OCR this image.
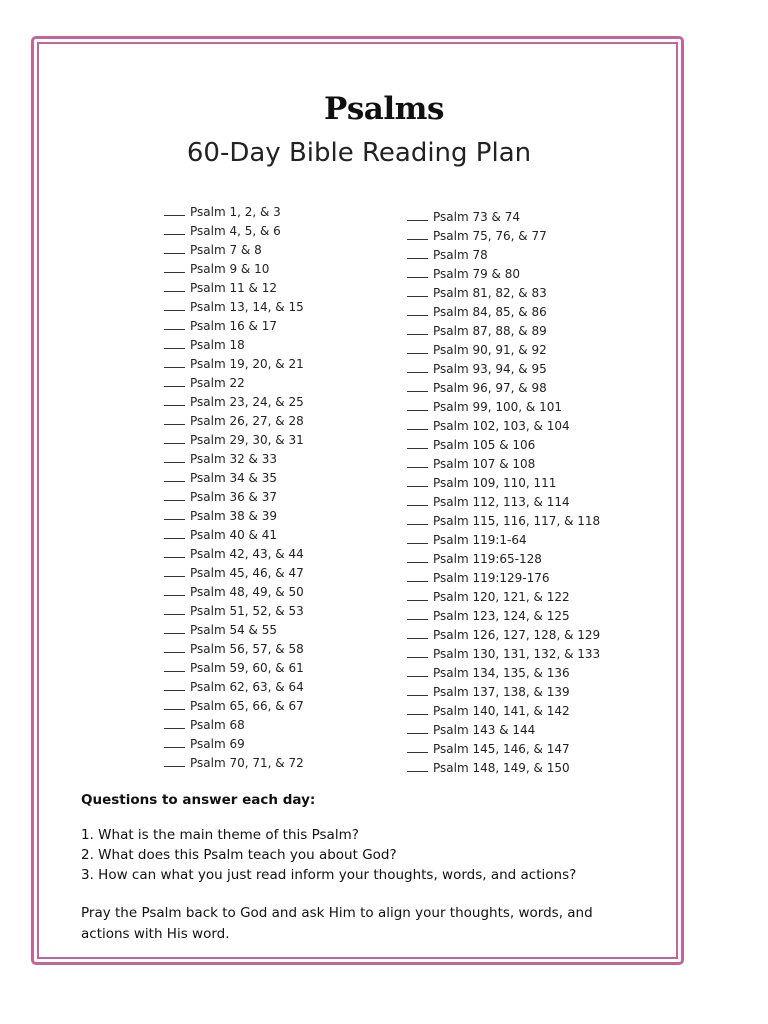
Psalms
60-Day Bible Reading Plan
Psalm 1, 2, & 3
Psalm 4, 5, & 6
Psalm 7 & 8
Psalm 9 & 10
Psalm 11 & 12
Psalm 13, 14, & 15
Psalm 16 & 17
Psalm 18
Psalm 19, 20, & 21
Psalm 22
Psalm 23, 24, & 25
Psalm 26, 27, & 28
Psalm 29, 30, & 31
Psalm 32 & 33
Psalm 34 & 35
Psalm 36 & 37
Psalm 38 & 39
Psalm 40 & 41
Psalm 42, 43, & 44
Psalm 45, 46, & 47
Psalm 48, 49, & 50
Psalm 51, 52, & 53
Psalm 54 & 55
Psalm 56, 57, & 58
Psalm 59, 60, & 61
Psalm 62, 63, & 64
Psalm 65, 66, & 67
Psalm 68
Psalm 69
Psalm 70, 71, & 72
Psalm 73 & 74
Psalm 75, 76, & 77
Psalm 78
Psalm 79 & 80
Psalm 81, 82, & 83
Psalm 84, 85, & 86
Psalm 87, 88, & 89
Psalm 90, 91, & 92
Psalm 93, 94, & 95
Psalm 96, 97, & 98
Psalm 99, 100, & 101
Psalm 102, 103, & 104
Psalm 105 & 106
Psalm 107 & 108
Psalm 109, 110, 111
Psalm 112, 113, & 114
Psalm 115, 116, 117, & 118
Psalm 119:1-64
Psalm 119:65-128
Psalm 119:129-176
Psalm 120, 121, & 122
Psalm 123, 124, & 125
Psalm 126, 127, 128, & 129
Psalm 130, 131, 132, & 133
Psalm 134, 135, & 136
Psalm 137, 138, & 139
Psalm 140, 141, & 142
Psalm 143 & 144
Psalm 145, 146, & 147
Psalm 148, 149, & 150

Questions to answer each day:

1. What is the main theme of this Psalm?
2. What does this Psalm teach you about God?
3. How can what you just read inform your thoughts, words, and actions?

Pray the Psalm back to God and ask Him to align your thoughts, words, and actions with His word.
